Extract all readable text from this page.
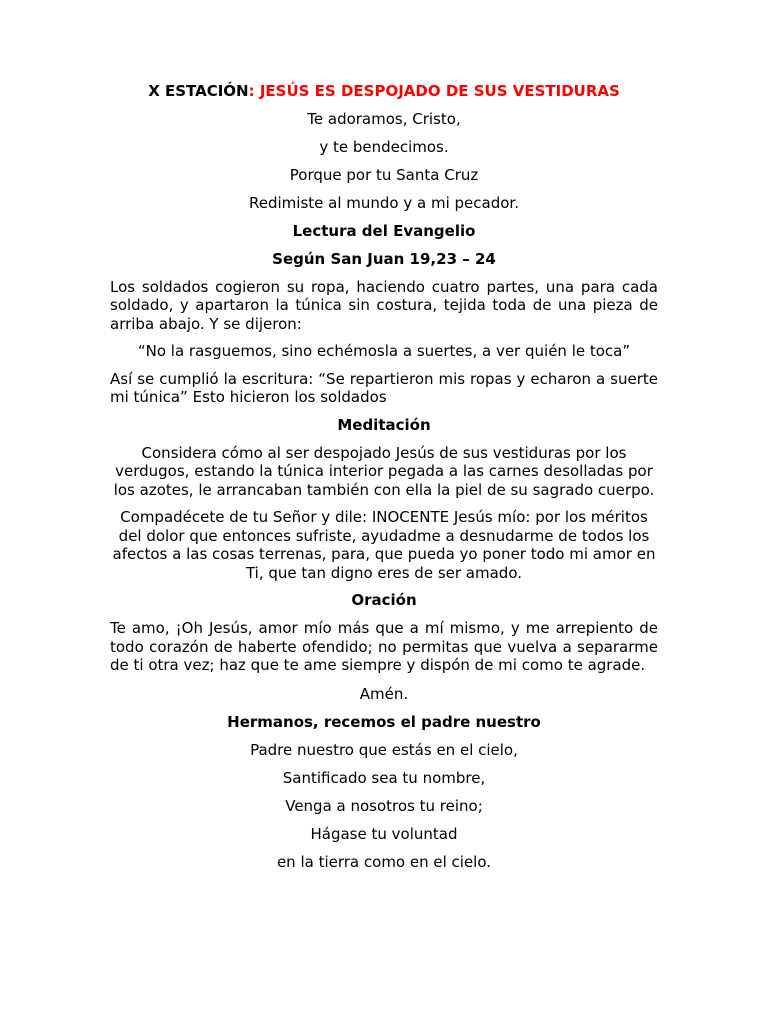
X ESTACIÓN: JESÚS ES DESPOJADO DE SUS VESTIDURAS

Te adoramos, Cristo,

y te bendecimos.

Porque por tu Santa Cruz

Redimiste al mundo y a mi pecador.

Lectura del Evangelio

Según San Juan 19,23 – 24

Los soldados cogieron su ropa, haciendo cuatro partes, una para cada soldado, y apartaron la túnica sin costura, tejida toda de una pieza de arriba abajo. Y se dijeron:

“No la rasguemos, sino echémosla a suertes, a ver quién le toca”

Así se cumplió la escritura: “Se repartieron mis ropas y echaron a suerte mi túnica” Esto hicieron los soldados

Meditación

Considera cómo al ser despojado Jesús de sus vestiduras por los verdugos, estando la túnica interior pegada a las carnes desolladas por los azotes, le arrancaban también con ella la piel de su sagrado cuerpo.

Compadécete de tu Señor y dile: INOCENTE Jesús mío: por los méritos del dolor que entonces sufriste, ayudadme a desnudarme de todos los afectos a las cosas terrenas, para, que pueda yo poner todo mi amor en Ti, que tan digno eres de ser amado.

Oración

Te amo, ¡Oh Jesús, amor mío más que a mí mismo, y me arrepiento de todo corazón de haberte ofendido; no permitas que vuelva a separarme de ti otra vez; haz que te ame siempre y dispón de mi como te agrade.

Amén.

Hermanos, recemos el padre nuestro

Padre nuestro que estás en el cielo,

Santificado sea tu nombre,

Venga a nosotros tu reino;

Hágase tu voluntad

en la tierra como en el cielo.
